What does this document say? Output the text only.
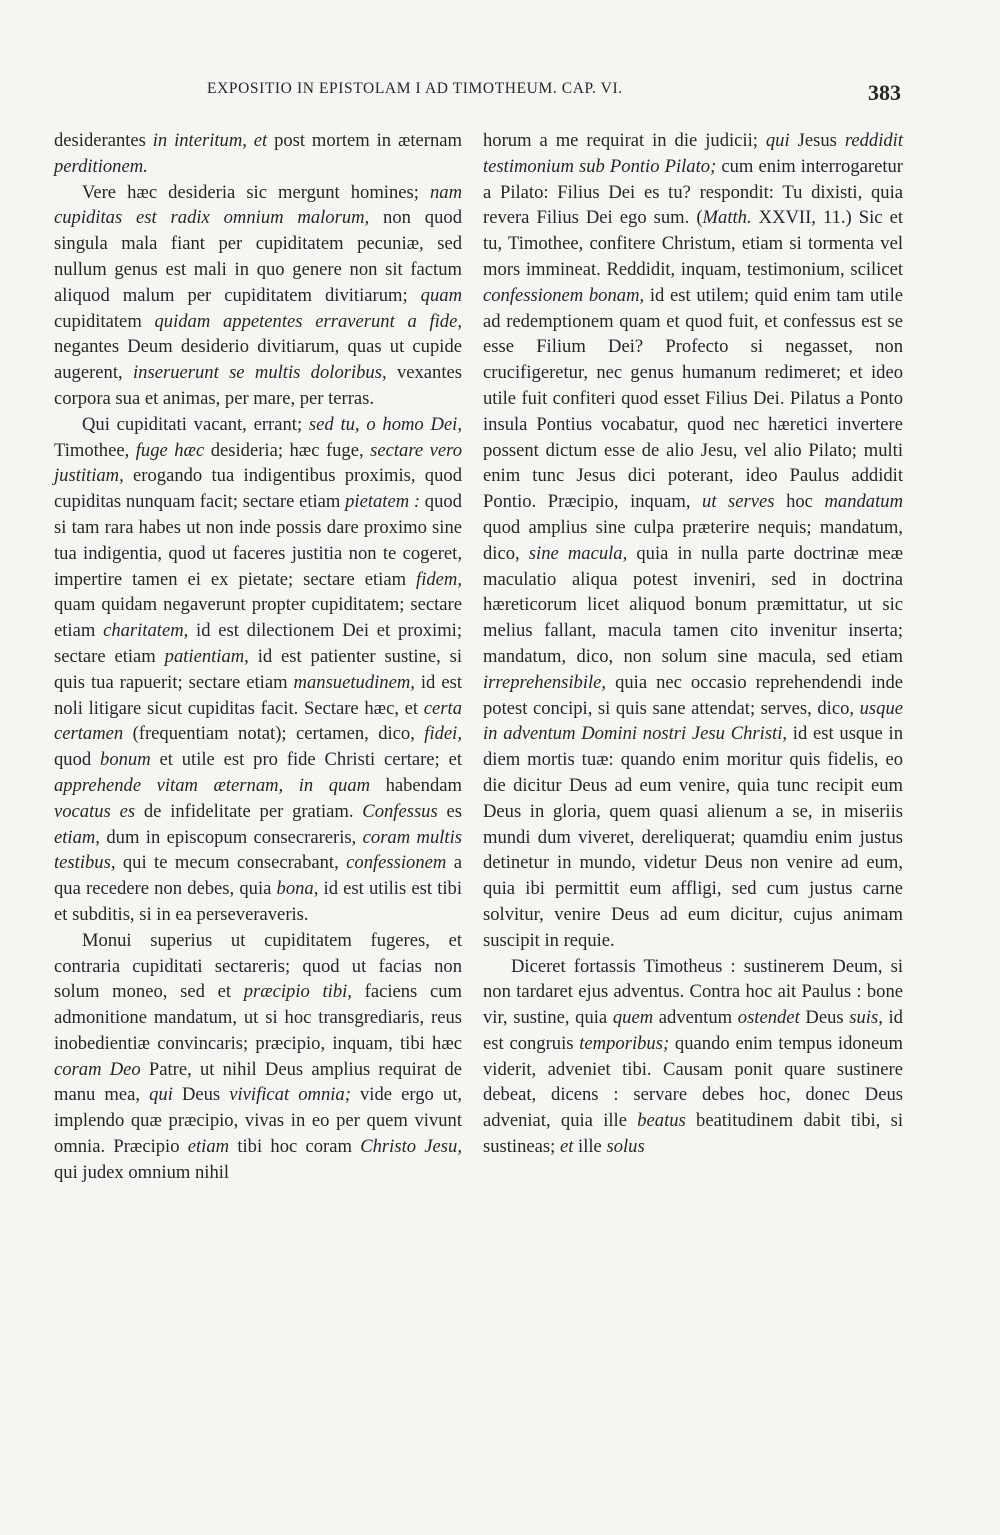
EXPOSITIO IN EPISTOLAM I AD TIMOTHEUM. CAP. VI.	383

desiderantes in interitum, et post mortem in æternam perditionem.

Vere hæc desideria sic mergunt homines; nam cupiditas est radix omnium malorum, non quod singula mala fiant per cupiditatem pecuniæ, sed nullum genus est mali in quo genere non sit factum aliquod malum per cupiditatem divitiarum; quam cupiditatem quidam appetentes erraverunt a fide, negantes Deum desiderio divitiarum, quas ut cupide augerent, inseruerunt se multis doloribus, vexantes corpora sua et animas, per mare, per terras.

Qui cupiditati vacant, errant; sed tu, o homo Dei, Timothee, fuge hæc desideria; hæc fuge, sectare vero justitiam, erogando tua indigentibus proximis, quod cupiditas nunquam facit; sectare etiam pietatem : quod si tam rara habes ut non inde possis dare proximo sine tua indigentia, quod ut faceres justitia non te cogeret, impertire tamen ei ex pietate; sectare etiam fidem, quam quidam negaverunt propter cupiditatem; sectare etiam charitatem, id est dilectionem Dei et proximi; sectare etiam patientiam, id est patienter sustine, si quis tua rapuerit; sectare etiam mansuetudinem, id est noli litigare sicut cupiditas facit. Sectare hæc, et certa certamen (frequentiam notat); certamen, dico, fidei, quod bonum et utile est pro fide Christi certare; et apprehende vitam æternam, in quam habendam vocatus es de infidelitate per gratiam. Confessus es etiam, dum in episcopum consecrareris, coram multis testibus, qui te mecum consecrabant, confessionem a qua recedere non debes, quia bona, id est utilis est tibi et subditis, si in ea perseveraveris.

Monui superius ut cupiditatem fugeres, et contraria cupiditati sectareris; quod ut facias non solum moneo, sed et præcipio tibi, faciens cum admonitione mandatum, ut si hoc transgrediaris, reus inobedientiæ convincaris; præcipio, inquam, tibi hæc coram Deo Patre, ut nihil Deus amplius requirat de manu mea, qui Deus vivificat omnia; vide ergo ut, implendo quæ præcipio, vivas in eo per quem vivunt omnia. Præcipio etiam tibi hoc coram Christo Jesu, qui judex omnium nihil

horum a me requirat in die judicii; qui Jesus reddidit testimonium sub Pontio Pilato; cum enim interrogaretur a Pilato: Filius Dei es tu? respondit: Tu dixisti, quia revera Filius Dei ego sum. (Matth. XXVII, 11.) Sic et tu, Timothee, confitere Christum, etiam si tormenta vel mors immineat. Reddidit, inquam, testimonium, scilicet confessionem bonam, id est utilem; quid enim tam utile ad redemptionem quam et quod fuit, et confessus est se esse Filium Dei? Profecto si negasset, non crucifigeretur, nec genus humanum redimeret; et ideo utile fuit confiteri quod esset Filius Dei. Pilatus a Ponto insula Pontius vocabatur, quod nec hæretici invertere possent dictum esse de alio Jesu, vel alio Pilato; multi enim tunc Jesus dici poterant, ideo Paulus addidit Pontio. Præcipio, inquam, ut serves hoc mandatum quod amplius sine culpa præterire nequis; mandatum, dico, sine macula, quia in nulla parte doctrinæ meæ maculatio aliqua potest inveniri, sed in doctrina hæreticorum licet aliquod bonum præmittatur, ut sic melius fallant, macula tamen cito invenitur inserta; mandatum, dico, non solum sine macula, sed etiam irreprehensibile, quia nec occasio reprehendendi inde potest concipi, si quis sane attendat; serves, dico, usque in adventum Domini nostri Jesu Christi, id est usque in diem mortis tuæ: quando enim moritur quis fidelis, eo die dicitur Deus ad eum venire, quia tunc recipit eum Deus in gloria, quem quasi alienum a se, in miseriis mundi dum viveret, dereliquerat; quamdiu enim justus detinetur in mundo, videtur Deus non venire ad eum, quia ibi permittit eum affligi, sed cum justus carne solvitur, venire Deus ad eum dicitur, cujus animam suscipit in requie.

Diceret fortassis Timotheus : sustinerem Deum, si non tardaret ejus adventus. Contra hoc ait Paulus : bone vir, sustine, quia quem adventum ostendet Deus suis, id est congruis temporibus; quando enim tempus idoneum viderit, adveniet tibi. Causam ponit quare sustinere debeat, dicens : servare debes hoc, donec Deus adveniat, quia ille beatus beatitudinem dabit tibi, si sustineas; et ille solus
